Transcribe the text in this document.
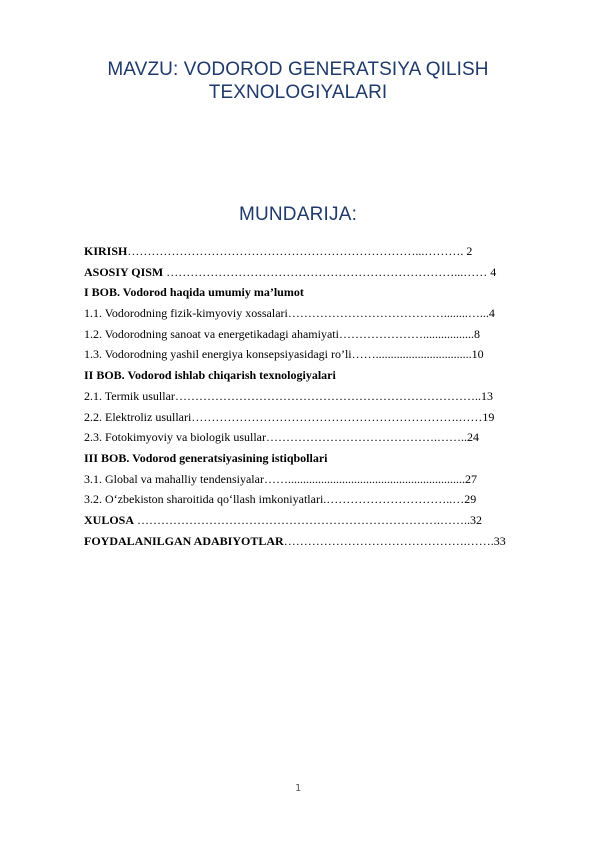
MAVZU: VODOROD GENERATSIYA QILISH TEXNOLOGIYALARI
MUNDARIJA:
KIRISH………………………………………………………………...………. 2
ASOSIY QISM ………………………………………………………………...…… 4
I BOB. Vodorod haqida umumiy ma’lumot
1.1. Vodorodning fizik-kimyoviy xossalari…………………………………........…...4
1.2. Vodorodning sanoat va energetikadagi ahamiyati………………….................8
1.3. Vodorodning yashil energiya konsepsiyasidagi ro’li……................................10
II BOB. Vodorod ishlab chiqarish texnologiyalari
2.1. Termik usullar…………………………………………………………………..13
2.2. Elektroliz usullari………………………………………………………….……19
2.3. Fotokimyoviy va biologik usullar…………………………………….……..24
III BOB. Vodorod generatsiyasining istiqbollari
3.1. Global va mahalliy tendensiyalar……...........................................................27
3.2. O‘zbekiston sharoitida qo‘llash imkoniyatlari.…………………………..…29
XULOSA ………………………………………………………………….……..32
FOYDALANILGAN ADABIYOTLAR……………………………………….…….33
1
